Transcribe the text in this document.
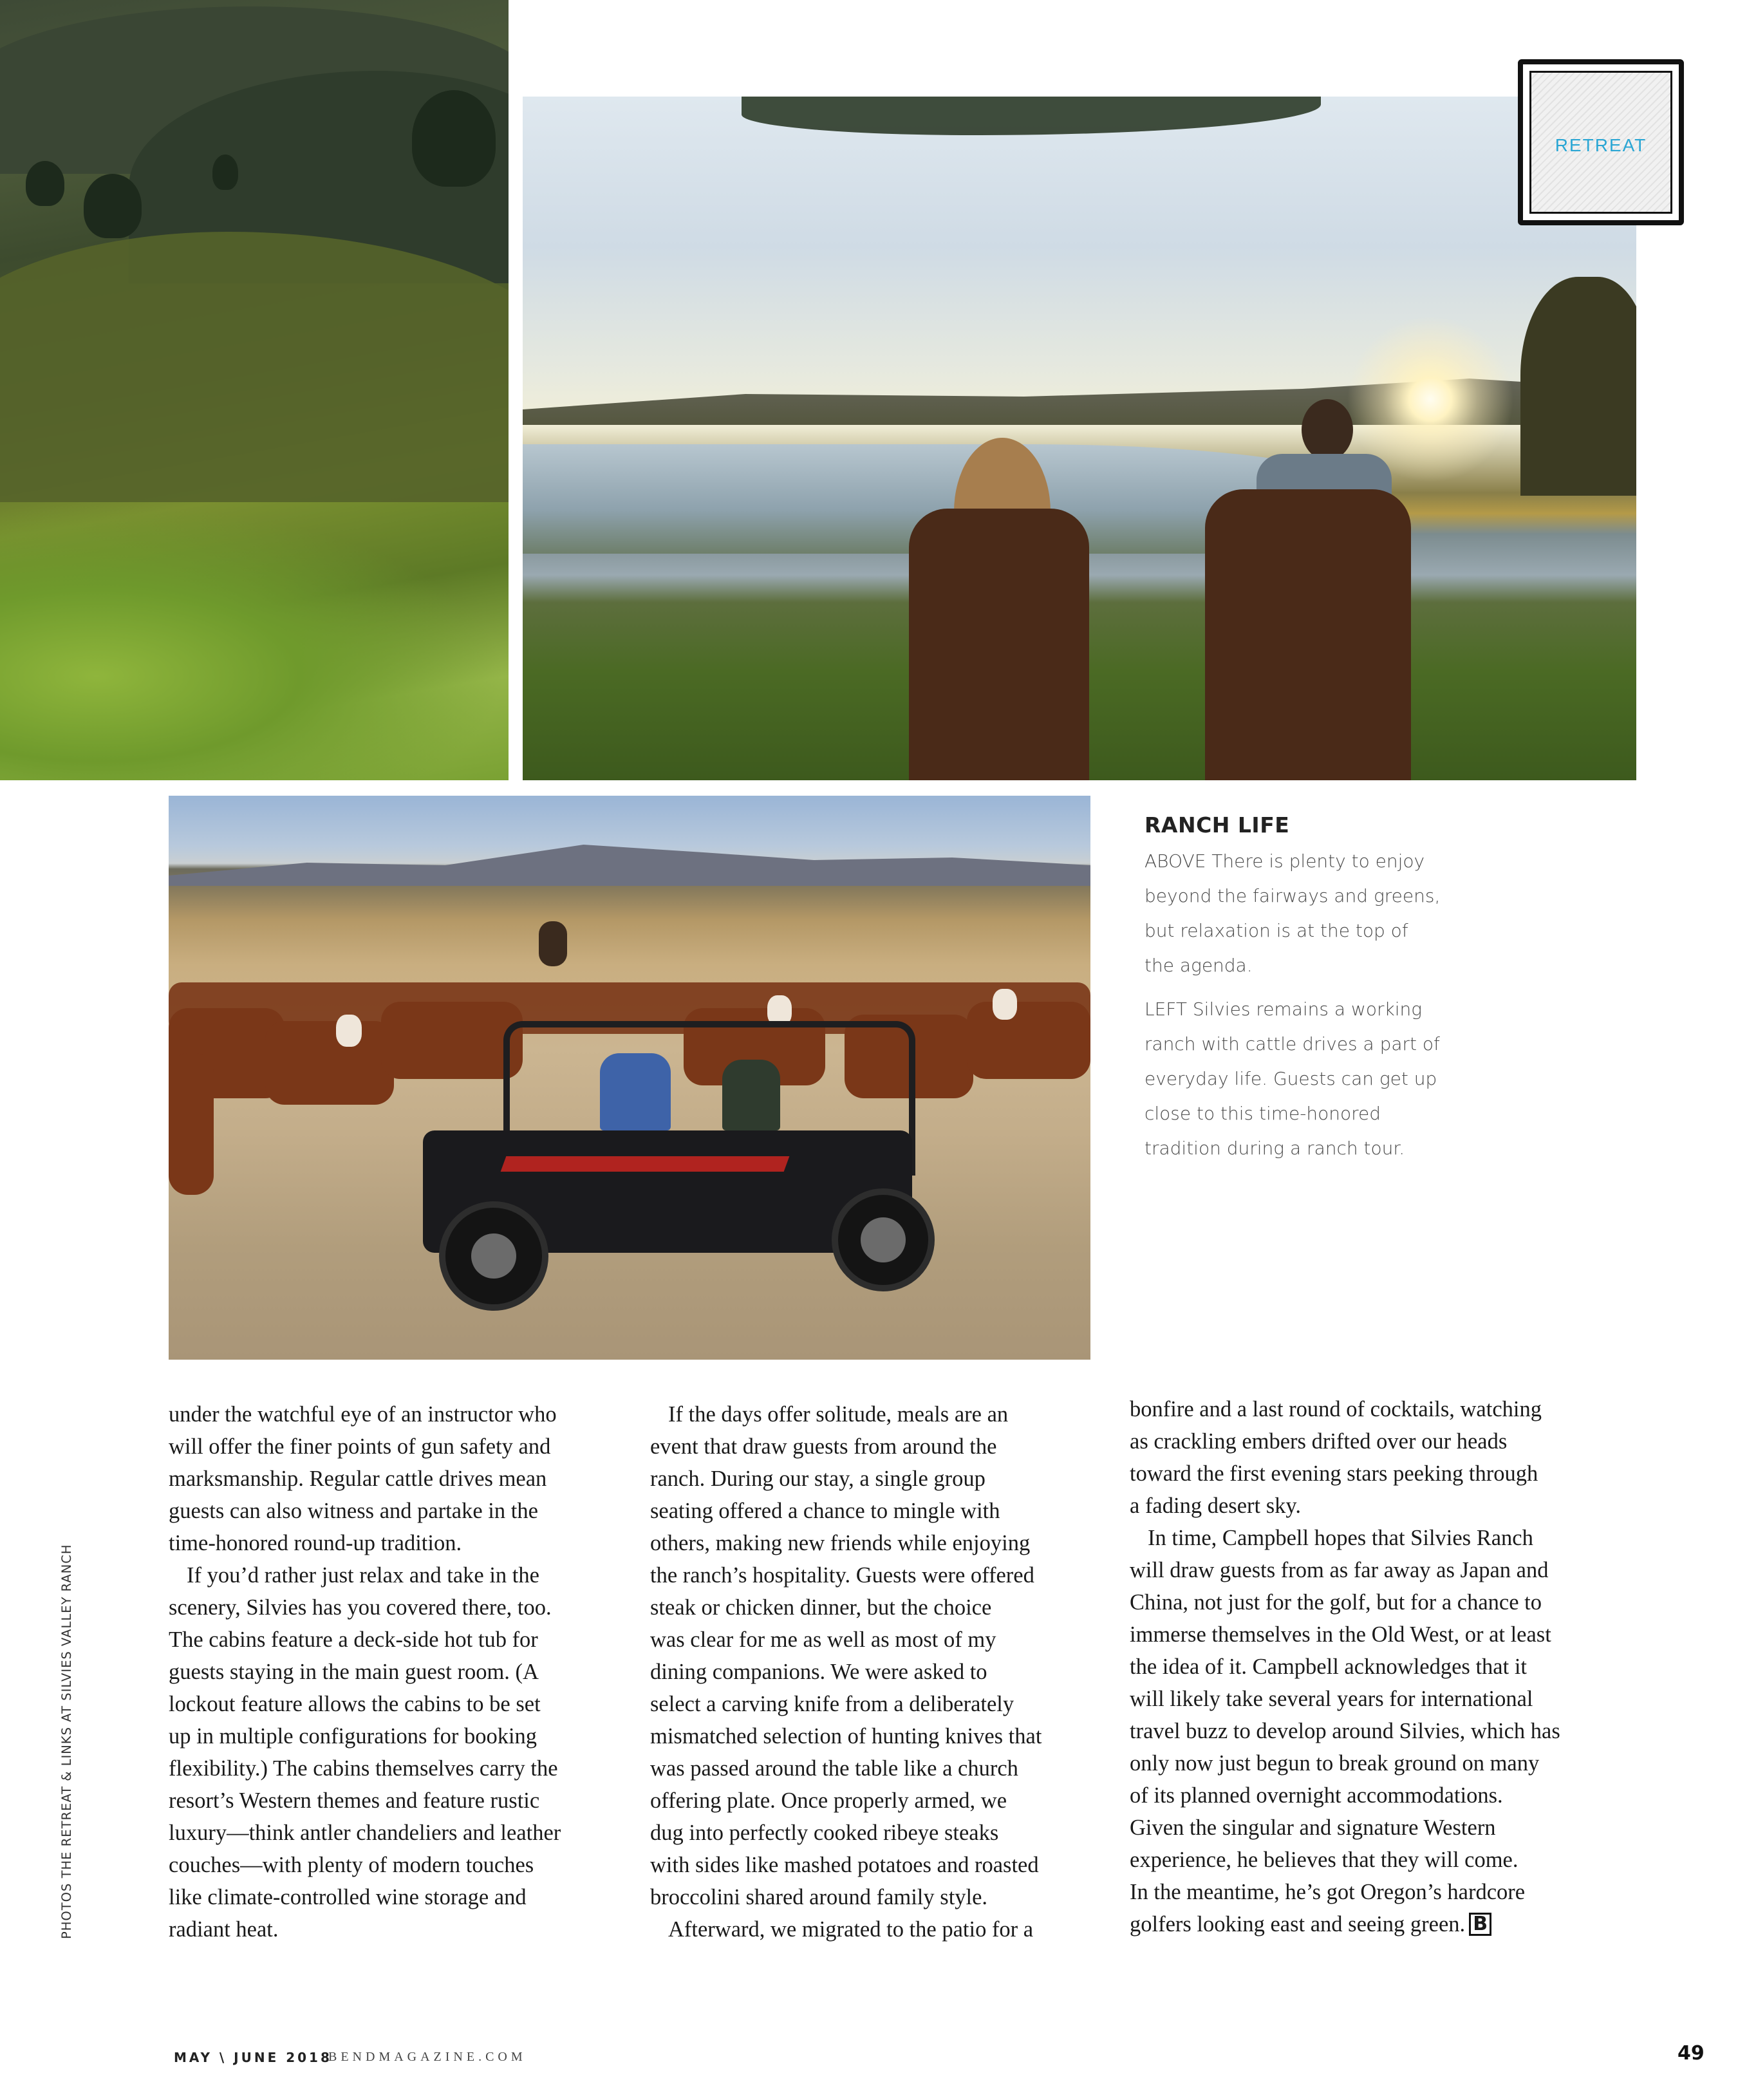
RETREAT
RANCH LIFE

ABOVE There is plenty to enjoy beyond the fairways and greens, but relaxation is at the top of the agenda.

LEFT Silvies remains a working ranch with cattle drives a part of everyday life. Guests can get up close to this time-honored tradition during a ranch tour.

under the watchful eye of an instructor who
will offer the finer points of gun safety and
marksmanship. Regular cattle drives mean
guests can also witness and partake in the
time-honored round-up tradition.
If you’d rather just relax and take in the
scenery, Silvies has you covered there, too.
The cabins feature a deck-side hot tub for
guests staying in the main guest room. (A
lockout feature allows the cabins to be set
up in multiple configurations for booking
flexibility.) The cabins themselves carry the
resort’s Western themes and feature rustic
luxury—think antler chandeliers and leather
couches—with plenty of modern touches
like climate-controlled wine storage and
radiant heat.
If the days offer solitude, meals are an
event that draw guests from around the
ranch. During our stay, a single group
seating offered a chance to mingle with
others, making new friends while enjoying
the ranch’s hospitality. Guests were offered
steak or chicken dinner, but the choice
was clear for me as well as most of my
dining companions. We were asked to
select a carving knife from a deliberately
mismatched selection of hunting knives that
was passed around the table like a church
offering plate. Once properly armed, we
dug into perfectly cooked ribeye steaks
with sides like mashed potatoes and roasted
broccolini shared around family style.
Afterward, we migrated to the patio for a
bonfire and a last round of cocktails, watching
as crackling embers drifted over our heads
toward the first evening stars peeking through
a fading desert sky.
In time, Campbell hopes that Silvies Ranch
will draw guests from as far away as Japan and
China, not just for the golf, but for a chance to
immerse themselves in the Old West, or at least
the idea of it. Campbell acknowledges that it
will likely take several years for international
travel buzz to develop around Silvies, which has
only now just begun to break ground on many
of its planned overnight accommodations.
Given the singular and signature Western
experience, he believes that they will come.
In the meantime, he’s got Oregon’s hardcore
golfers looking east and seeing green. B
PHOTOS THE RETREAT & LINKS AT SILVIES VALLEY RANCH
MAY \ JUNE 2018
BENDMAGAZINE.COM	49
